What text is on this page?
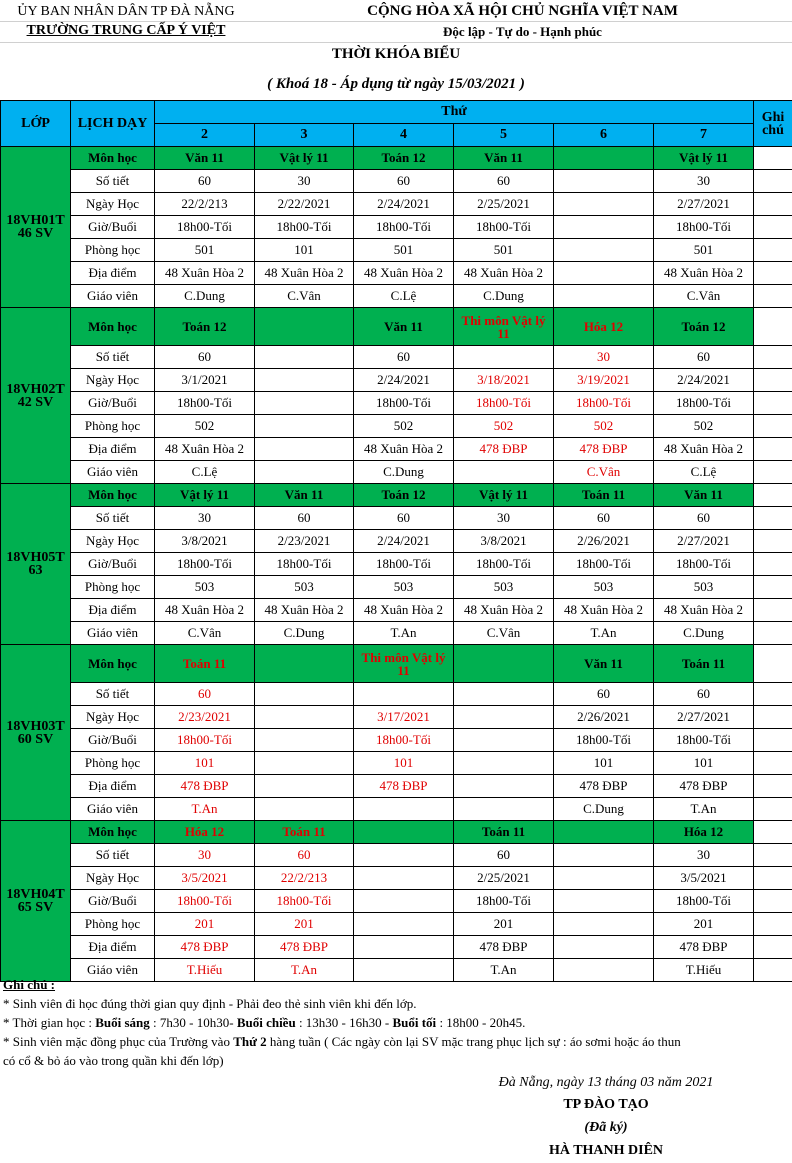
ỦY BAN NHÂN DÂN TP ĐÀ NẴNG
TRƯỜNG TRUNG CẤP Ý VIỆT
CỘNG HÒA XÃ HỘI CHỦ NGHĨA VIỆT NAM
Độc lập - Tự do - Hạnh phúc
THỜI KHÓA BIỂU
( Khoá 18 - Áp dụng từ ngày 15/03/2021 )
LỚP	LỊCH DẠY	Thứ						Ghi chú
		2	3	4	5	6	7	
18VH01T 46 SV	Môn học	Văn 11	Vật lý 11	Toán 12	Văn 11		Vật lý 11	
	Số tiết	60	30	60	60		30	
	Ngày Học	22/2/213	2/22/2021	2/24/2021	2/25/2021		2/27/2021	
	Giờ/Buổi	18h00-Tối	18h00-Tối	18h00-Tối	18h00-Tối		18h00-Tối	
	Phòng học	501	101	501	501		501	
	Địa điểm	48 Xuân Hòa 2	48 Xuân Hòa 2	48 Xuân Hòa 2	48 Xuân Hòa 2		48 Xuân Hòa 2	
	Giáo viên	C.Dung	C.Vân	C.Lệ	C.Dung		C.Vân	
18VH02T 42 SV	Môn học	Toán 12		Văn 11	Thi môn Vật lý 11	Hóa 12	Toán 12	
	Số tiết	60		60		30	60	
	Ngày Học	3/1/2021		2/24/2021	3/18/2021	3/19/2021	2/24/2021	
	Giờ/Buổi	18h00-Tối		18h00-Tối	18h00-Tối	18h00-Tối	18h00-Tối	
	Phòng học	502		502	502	502	502	
	Địa điểm	48 Xuân Hòa 2		48 Xuân Hòa 2	478 ĐBP	478 ĐBP	48 Xuân Hòa 2	
	Giáo viên	C.Lệ		C.Dung		C.Vân	C.Lệ	
18VH05T 63	Môn học	Vật lý 11	Văn 11	Toán 12	Vật lý 11	Toán 11	Văn 11	
	Số tiết	30	60	60	30	60	60	
	Ngày Học	3/8/2021	2/23/2021	2/24/2021	3/8/2021	2/26/2021	2/27/2021	
	Giờ/Buổi	18h00-Tối	18h00-Tối	18h00-Tối	18h00-Tối	18h00-Tối	18h00-Tối	
	Phòng học	503	503	503	503	503	503	
	Địa điểm	48 Xuân Hòa 2	48 Xuân Hòa 2	48 Xuân Hòa 2	48 Xuân Hòa 2	48 Xuân Hòa 2	48 Xuân Hòa 2	
	Giáo viên	C.Vân	C.Dung	T.An	C.Vân	T.An	C.Dung	
18VH03T 60 SV	Môn học	Toán 11		Thi môn Vật lý 11		Văn 11	Toán 11	
	Số tiết	60				60	60	
	Ngày Học	2/23/2021		3/17/2021		2/26/2021	2/27/2021	
	Giờ/Buổi	18h00-Tối		18h00-Tối		18h00-Tối	18h00-Tối	
	Phòng học	101		101		101	101	
	Địa điểm	478 ĐBP		478 ĐBP		478 ĐBP	478 ĐBP	
	Giáo viên	T.An				C.Dung	T.An	
18VH04T 65 SV	Môn học	Hóa 12	Toán 11		Toán 11		Hóa 12	
	Số tiết	30	60		60		30	
	Ngày Học	3/5/2021	22/2/213		2/25/2021		3/5/2021	
	Giờ/Buổi	18h00-Tối	18h00-Tối		18h00-Tối		18h00-Tối	
	Phòng học	201	201		201		201	
	Địa điểm	478 ĐBP	478 ĐBP		478 ĐBP		478 ĐBP	
	Giáo viên	T.Hiếu	T.An		T.An		T.Hiếu	

Ghi chú :

* Sinh viên đi học đúng thời gian quy định - Phải đeo thẻ sinh viên khi đến lớp.

* Thời gian học : Buổi sáng : 7h30 - 10h30- Buổi chiều : 13h30 - 16h30 - Buổi tối : 18h00 - 20h45.

* Sinh viên mặc đồng phục của Trường vào Thứ 2 hàng tuần ( Các ngày còn lại SV mặc trang phục lịch sự : áo sơmi hoặc áo thun

có cổ & bỏ áo vào trong quần khi đến lớp)

Đà Nẵng, ngày 13 tháng 03 năm 2021
TP ĐÀO TẠO
(Đã ký)
HÀ THANH DIÊN
